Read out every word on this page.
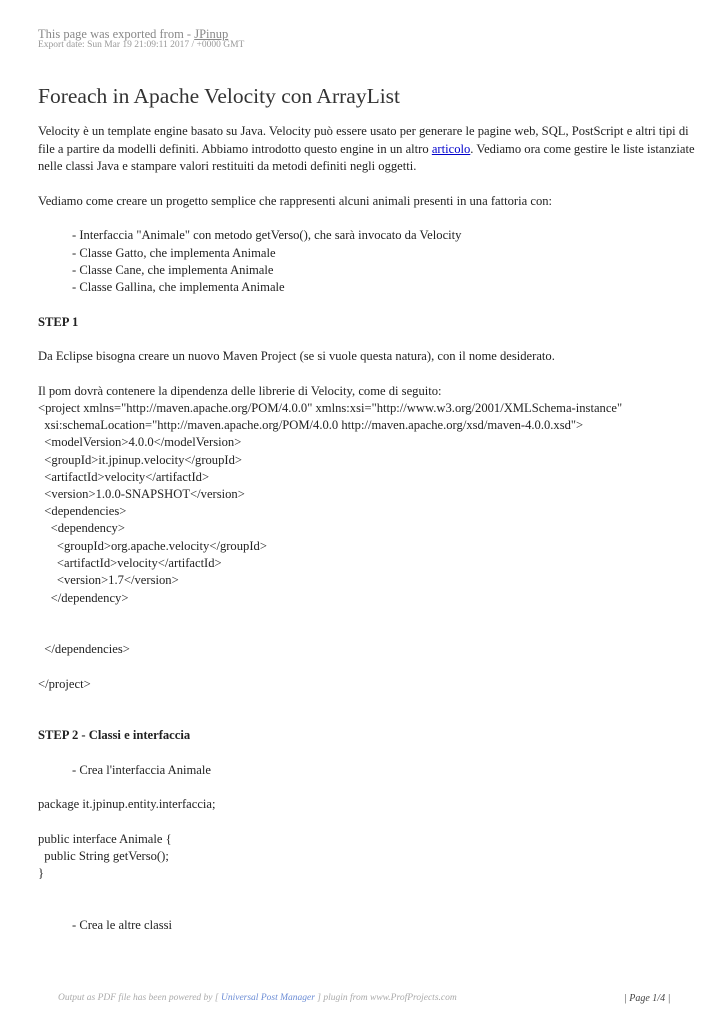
This page was exported from - JPinup
Export date: Sun Mar 19 21:09:11 2017 / +0000 GMT
Foreach in Apache Velocity con ArrayList
Velocity è un template engine basato su Java. Velocity può essere usato per generare le pagine web, SQL, PostScript e altri tipi di
file a partire da modelli definiti. Abbiamo introdotto questo engine in un altro articolo. Vediamo ora come gestire le liste istanziate
nelle classi Java e stampare valori restituiti da metodi definiti negli oggetti.
Vediamo come creare un progetto semplice che rappresenti alcuni animali presenti in una fattoria con:
- Interfaccia "Animale" con metodo getVerso(), che sarà invocato da Velocity
- Classe Gatto, che implementa Animale
- Classe Cane, che implementa Animale
- Classe Gallina, che implementa Animale
STEP 1
Da Eclipse bisogna creare un nuovo Maven Project (se si vuole questa natura), con il nome desiderato.
Il pom dovrà contenere la dipendenza delle librerie di Velocity, come di seguito:
<project xmlns="http://maven.apache.org/POM/4.0.0" xmlns:xsi="http://www.w3.org/2001/XMLSchema-instance"
xsi:schemaLocation="http://maven.apache.org/POM/4.0.0 http://maven.apache.org/xsd/maven-4.0.0.xsd">
<modelVersion>4.0.0</modelVersion>
<groupId>it.jpinup.velocity</groupId>
<artifactId>velocity</artifactId>
<version>1.0.0-SNAPSHOT</version>
<dependencies>
<dependency>
<groupId>org.apache.velocity</groupId>
<artifactId>velocity</artifactId>
<version>1.7</version>
</dependency>
</dependencies>
</project>
STEP 2 - Classi e interfaccia
- Crea l'interfaccia Animale
package it.jpinup.entity.interfaccia;
public interface Animale {
public String getVerso();
}
- Crea le altre classi
Output as PDF file has been powered by [ Universal Post Manager ] plugin from www.ProfProjects.com	| Page 1/4 |
